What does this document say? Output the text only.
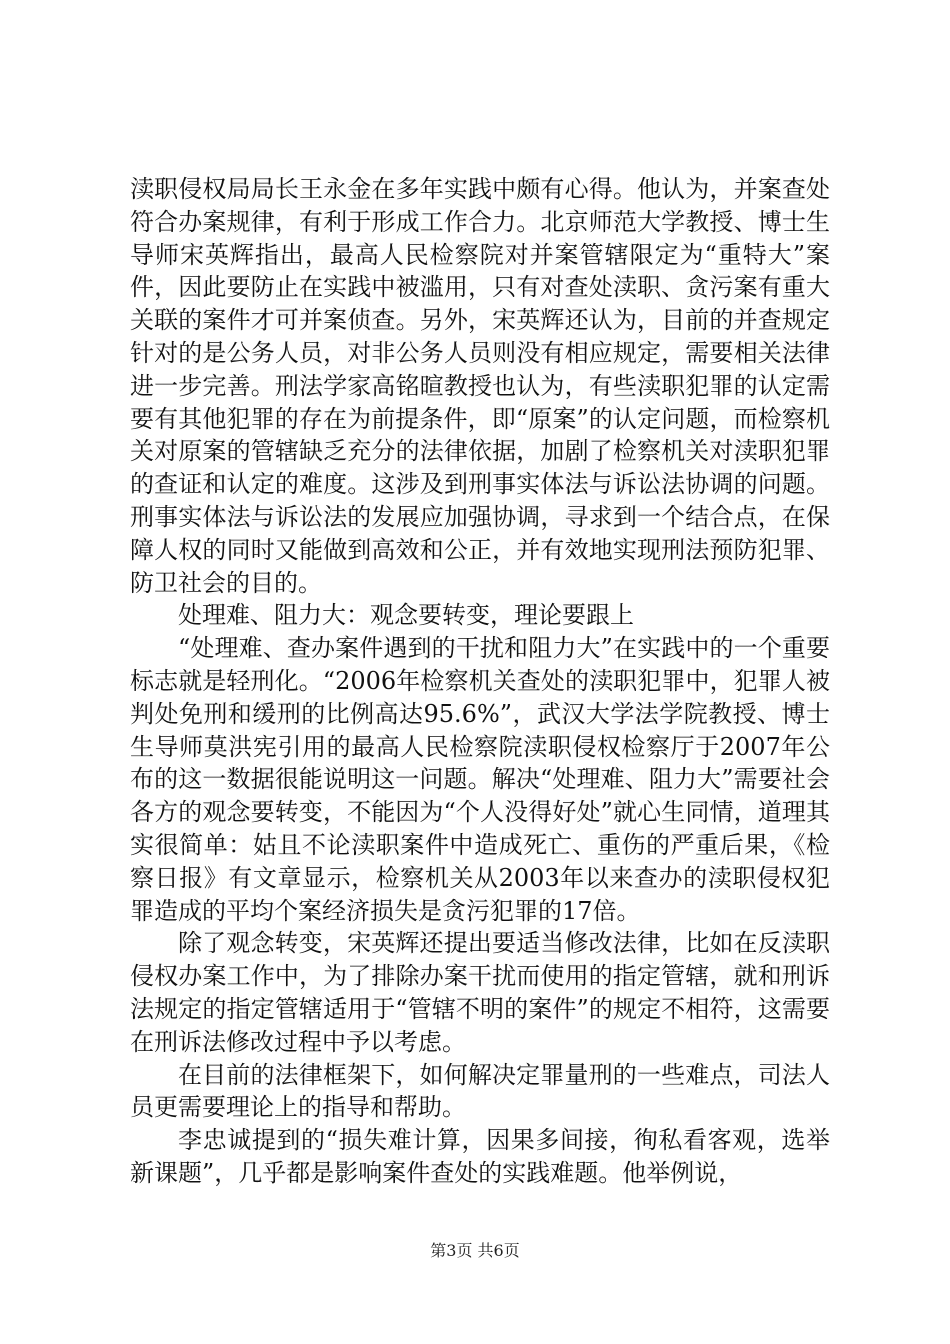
渎职侵权局局长王永金在多年实践中颇有心得。他认为，并案查处符合办案规律，有利于形成工作合力。北京师范大学教授、博士生导师宋英辉指出，最高人民检察院对并案管辖限定为“重特大”案件，因此要防止在实践中被滥用，只有对查处渎职、贪污案有重大关联的案件才可并案侦查。另外，宋英辉还认为，目前的并查规定针对的是公务人员，对非公务人员则没有相应规定，需要相关法律进一步完善。刑法学家高铭暄教授也认为，有些渎职犯罪的认定需要有其他犯罪的存在为前提条件，即“原案”的认定问题，而检察机关对原案的管辖缺乏充分的法律依据，加剧了检察机关对渎职犯罪的查证和认定的难度。这涉及到刑事实体法与诉讼法协调的问题。刑事实体法与诉讼法的发展应加强协调，寻求到一个结合点，在保障人权的同时又能做到高效和公正，并有效地实现刑法预防犯罪、防卫社会的目的。

处理难、阻力大：观念要转变，理论要跟上

“处理难、查办案件遇到的干扰和阻力大”在实践中的一个重要标志就是轻刑化。“2006年检察机关查处的渎职犯罪中，犯罪人被判处免刑和缓刑的比例高达95.6%”，武汉大学法学院教授、博士生导师莫洪宪引用的最高人民检察院渎职侵权检察厅于2007年公布的这一数据很能说明这一问题。解决“处理难、阻力大”需要社会各方的观念要转变，不能因为“个人没得好处”就心生同情，道理其实很简单：姑且不论渎职案件中造成死亡、重伤的严重后果，《检察日报》有文章显示，检察机关从2003年以来查办的渎职侵权犯罪造成的平均个案经济损失是贪污犯罪的17倍。

除了观念转变，宋英辉还提出要适当修改法律，比如在反渎职侵权办案工作中，为了排除办案干扰而使用的指定管辖，就和刑诉法规定的指定管辖适用于“管辖不明的案件”的规定不相符，这需要在刑诉法修改过程中予以考虑。

在目前的法律框架下，如何解决定罪量刑的一些难点，司法人员更需要理论上的指导和帮助。

李忠诚提到的“损失难计算，因果多间接，徇私看客观，选举新课题”，几乎都是影响案件查处的实践难题。他举例说，

第3页 共6页
